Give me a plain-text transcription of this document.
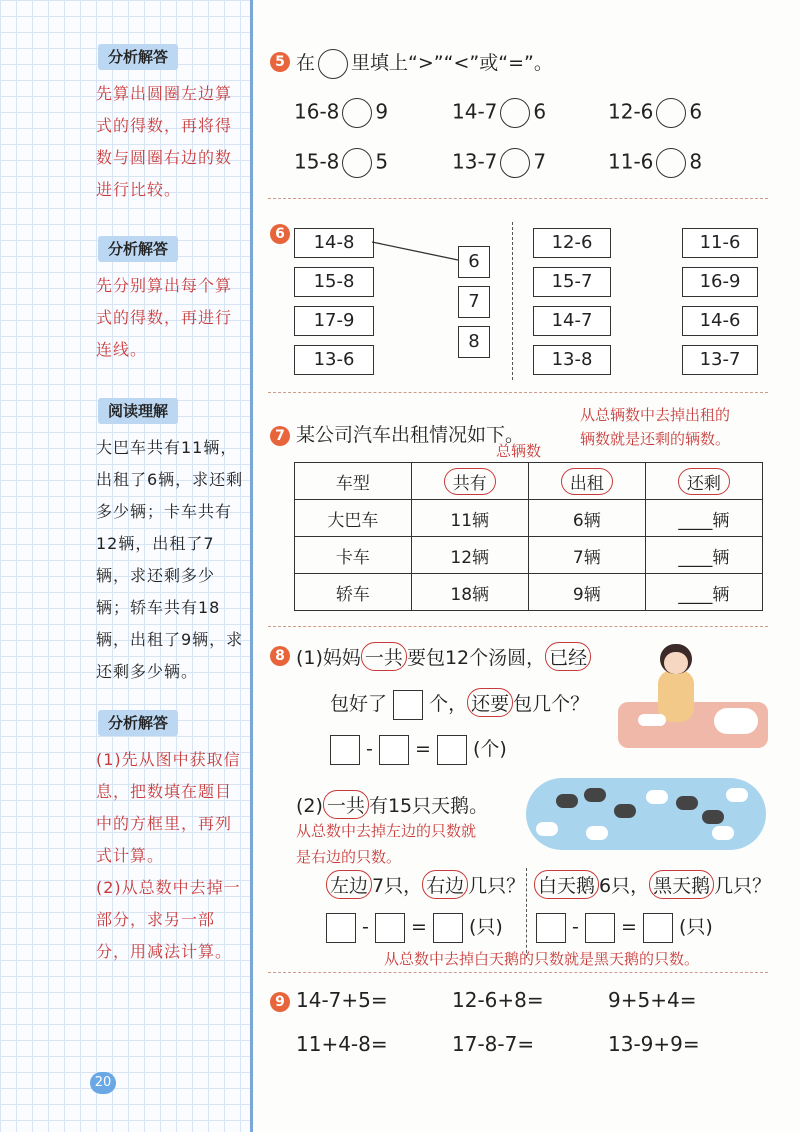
分析解答
先算出圆圈左边算式的得数，再将得数与圆圈右边的数进行比较。
分析解答
先分别算出每个算式的得数，再进行连线。
阅读理解
大巴车共有11辆，出租了6辆，求还剩多少辆；卡车共有12辆，出租了7辆，求还剩多少辆；轿车共有18辆，出租了9辆，求还剩多少辆。
分析解答
(1)先从图中获取信息，把数填在题目中的方框里，再列式计算。
(2)从总数中去掉一部分，求另一部分，用减法计算。
20
5 在 里填上“>”“<”或“=”。
16-8 9	14-7 6	12-6 6
15-8 5	13-7 7	11-6 8
6	14-8
15-8
17-9
13-6
6
7
8
12-6
15-7
14-7
13-8
11-6
16-9
14-6
13-7
7 某公司汽车出租情况如下。
总辆数
从总辆数中去掉出租的
辆数就是还剩的辆数。
车型	共有	出租	还剩
大巴车	11辆	6辆	____辆
卡车	12辆	7辆	____辆
轿车	18辆	9辆	____辆
8 (1)妈妈 一共 要包12个汤圆， 已经
包好了 个， 还要 包几个？
- = (个)
(2) 一共 有15只天鹅。
从总数中去掉左边的只数就
是右边的只数。
左边 7只， 右边 几只？ 白天鹅 6只， 黑天鹅 几只？
- = (只)	- = (只)
从总数中去掉白天鹅的只数就是黑天鹅的只数。
9 14-7+5=	12-6+8=	9+5+4=
11+4-8=	17-8-7=	13-9+9=
